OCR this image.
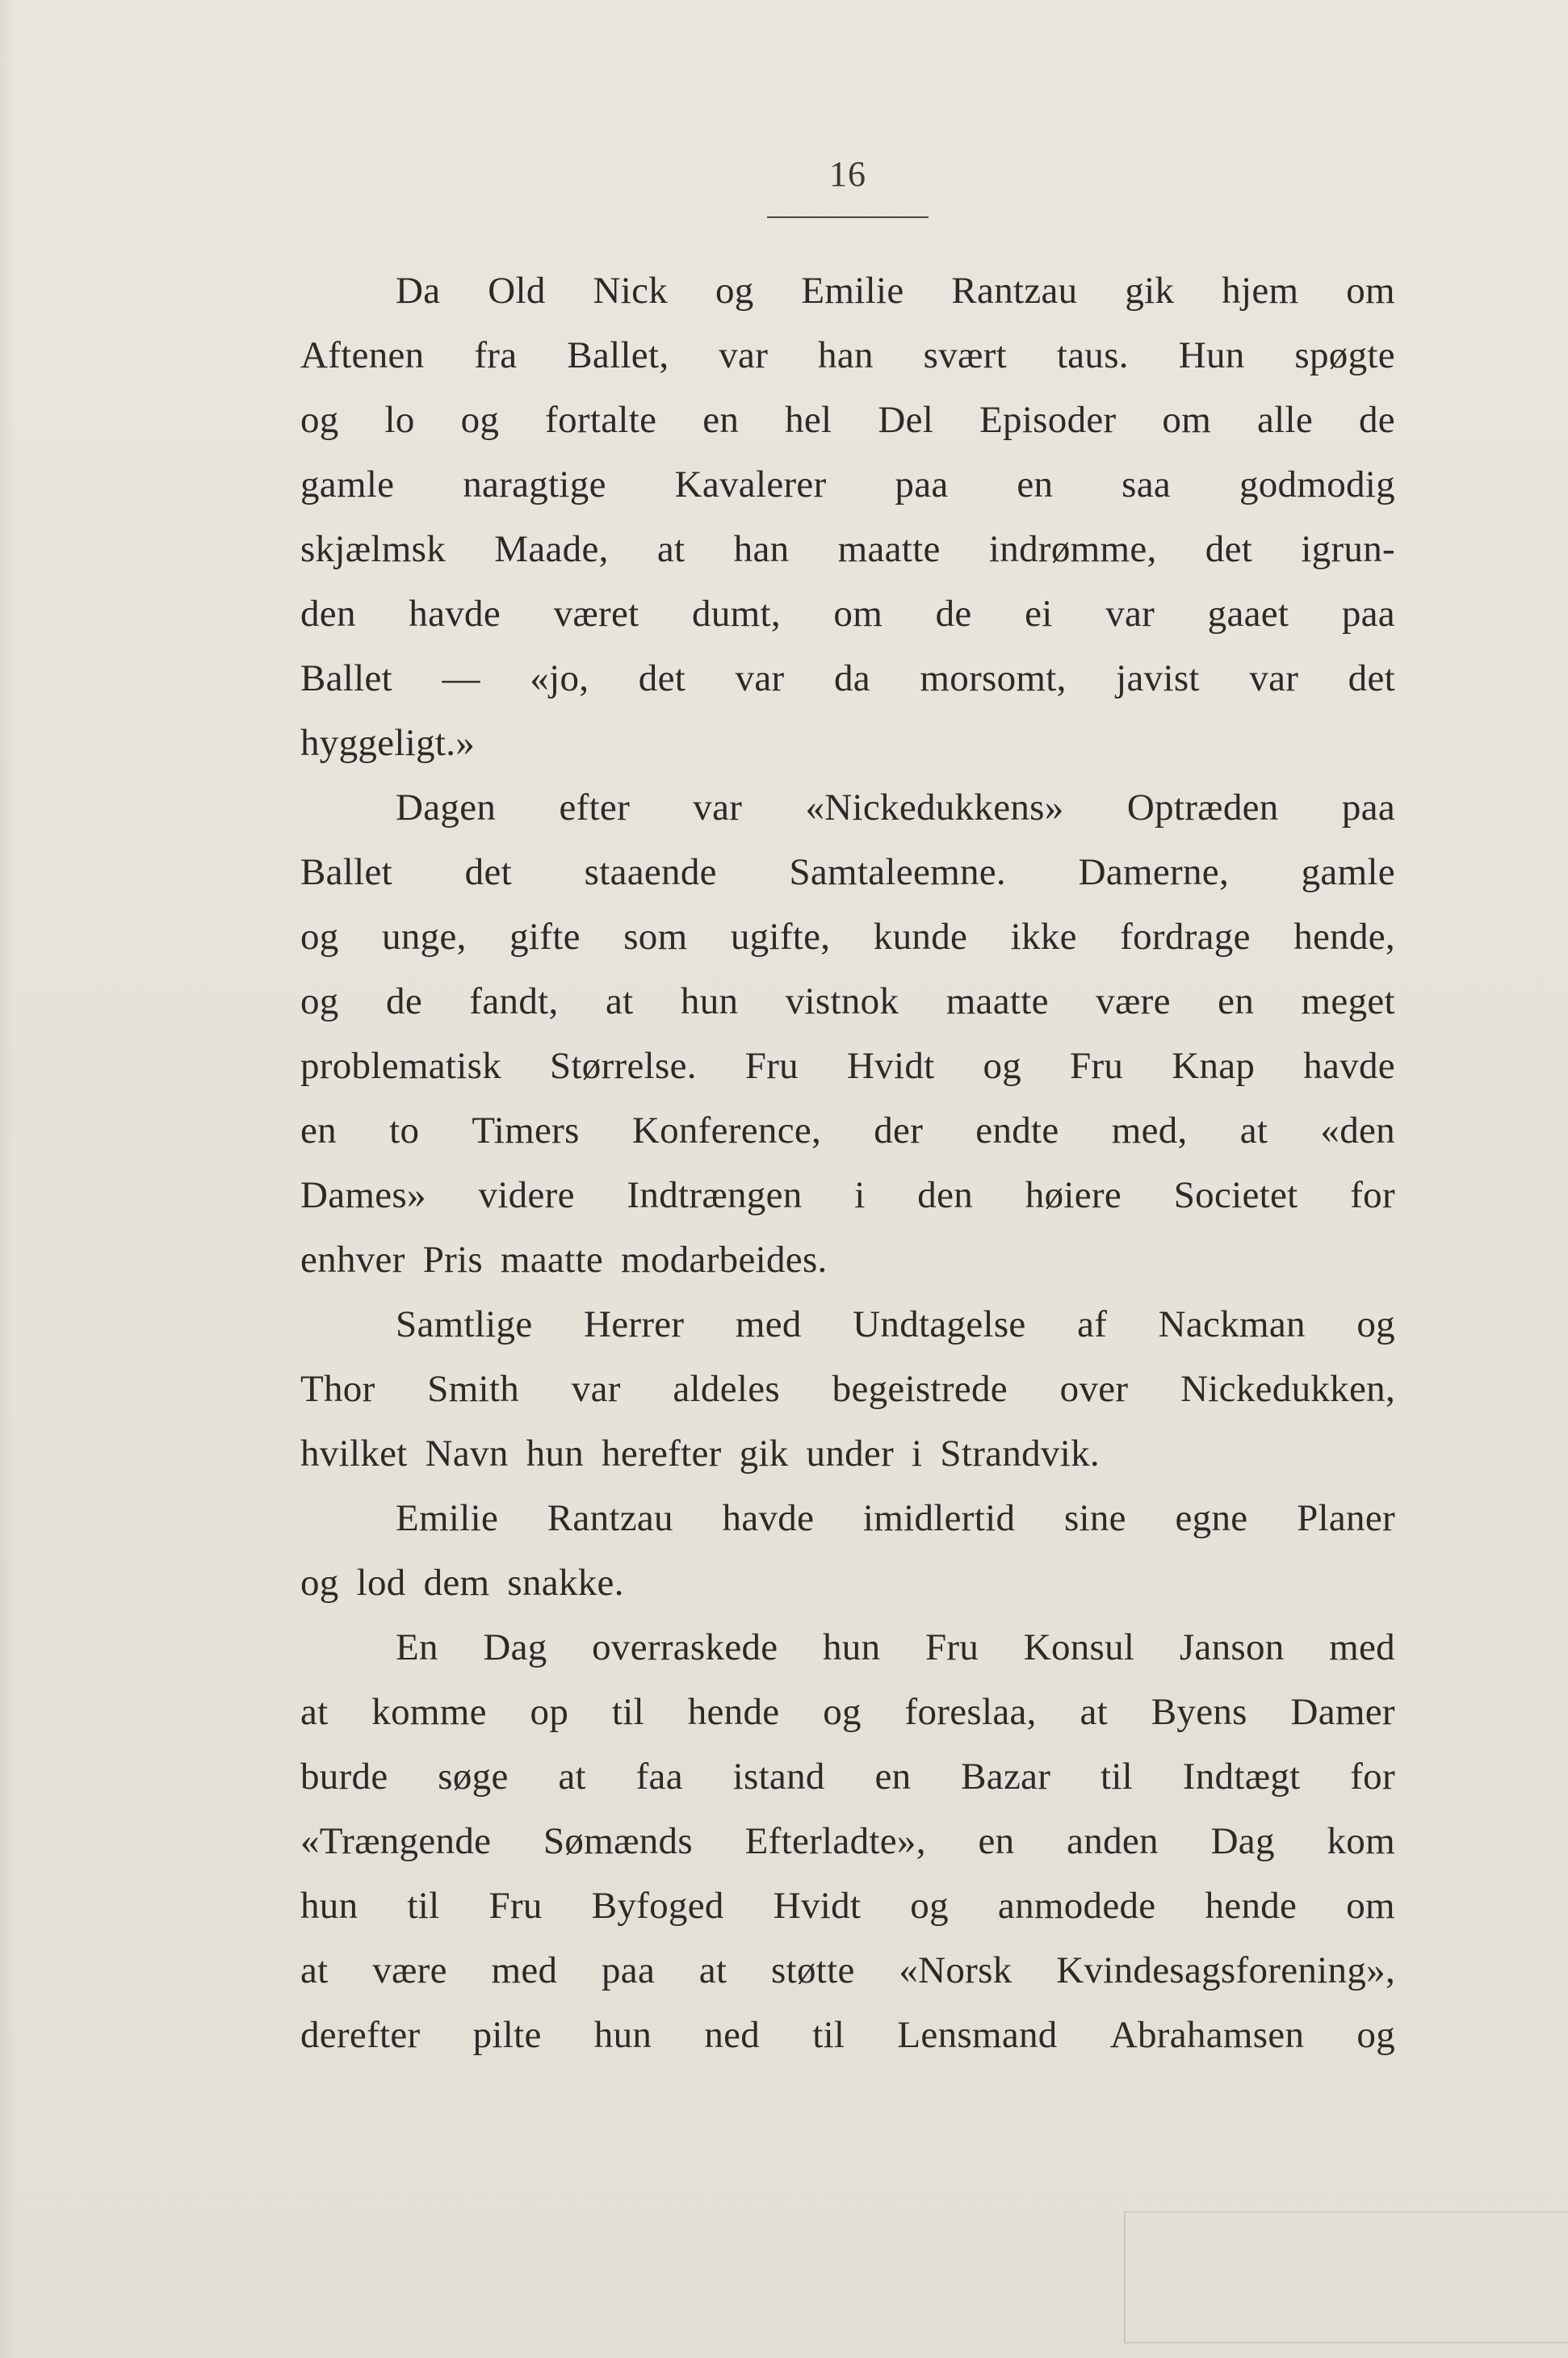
16
Da Old Nick og Emilie Rantzau gik hjem om
Aftenen fra Ballet, var han svært taus. Hun spøgte
og lo og fortalte en hel Del Episoder om alle de
gamle naragtige Kavalerer paa en saa godmodig
skjælmsk Maade, at han maatte indrømme, det igrun-
den havde været dumt, om de ei var gaaet paa
Ballet — «jo, det var da morsomt, javist var det
hyggeligt.»
Dagen efter var «Nickedukkens» Optræden paa
Ballet det staaende Samtaleemne. Damerne, gamle
og unge, gifte som ugifte, kunde ikke fordrage hende,
og de fandt, at hun vistnok maatte være en meget
problematisk Størrelse. Fru Hvidt og Fru Knap havde
en to Timers Konference, der endte med, at «den
Dames» videre Indtrængen i den høiere Societet for
enhver Pris maatte modarbeides.
Samtlige Herrer med Undtagelse af Nackman og
Thor Smith var aldeles begeistrede over Nickedukken,
hvilket Navn hun herefter gik under i Strandvik.
Emilie Rantzau havde imidlertid sine egne Planer
og lod dem snakke.
En Dag overraskede hun Fru Konsul Janson med
at komme op til hende og foreslaa, at Byens Damer
burde søge at faa istand en Bazar til Indtægt for
«Trængende Sømænds Efterladte», en anden Dag kom
hun til Fru Byfoged Hvidt og anmodede hende om
at være med paa at støtte «Norsk Kvindesagsforening»,
derefter pilte hun ned til Lensmand Abrahamsen og
